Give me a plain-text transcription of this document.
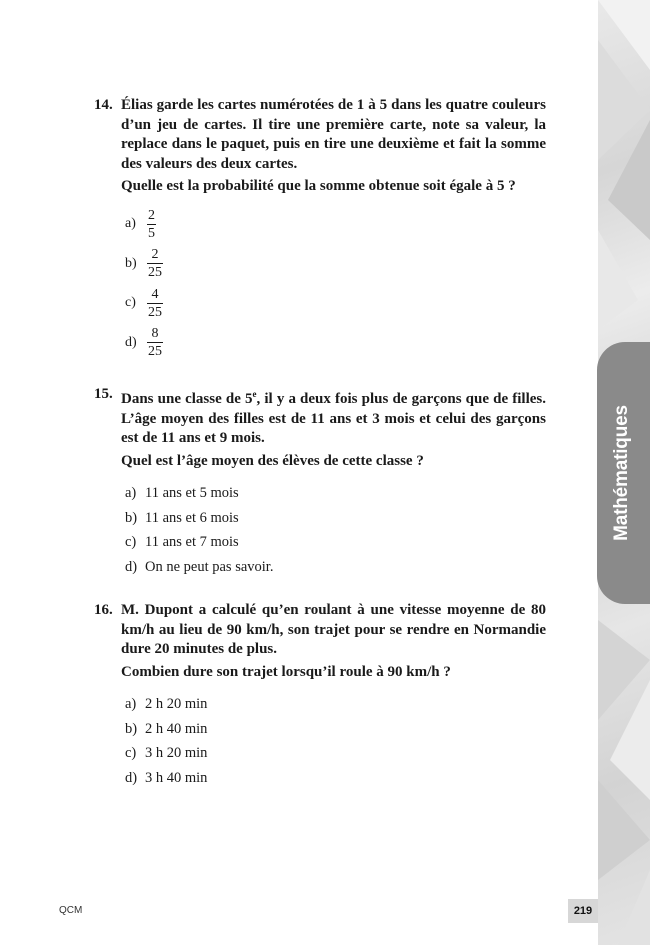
Mathématiques
14. Élias garde les cartes numérotées de 1 à 5 dans les quatre couleurs d’un jeu de cartes. Il tire une première carte, note sa valeur, la replace dans le paquet, puis en tire une deuxième et fait la somme des valeurs des deux cartes.
Quelle est la probabilité que la somme obtenue soit égale à 5 ?
$a) \frac{2}{5}$
$b) \frac{2}{25}$
$c) \frac{4}{25}$
$d) \frac{8}{25}$
15. Dans une classe de 5e, il y a deux fois plus de garçons que de filles. L’âge moyen des filles est de 11 ans et 3 mois et celui des garçons est de 11 ans et 9 mois.
Quel est l’âge moyen des élèves de cette classe ?
a) 11 ans et 5 mois
b) 11 ans et 6 mois
c) 11 ans et 7 mois
d) On ne peut pas savoir.
16. M. Dupont a calculé qu’en roulant à une vitesse moyenne de 80 km/h au lieu de 90 km/h, son trajet pour se rendre en Normandie dure 20 minutes de plus.
Combien dure son trajet lorsqu’il roule à 90 km/h ?
a) 2 h 20 min
b) 2 h 40 min
c) 3 h 20 min
d) 3 h 40 min
QCM	219
